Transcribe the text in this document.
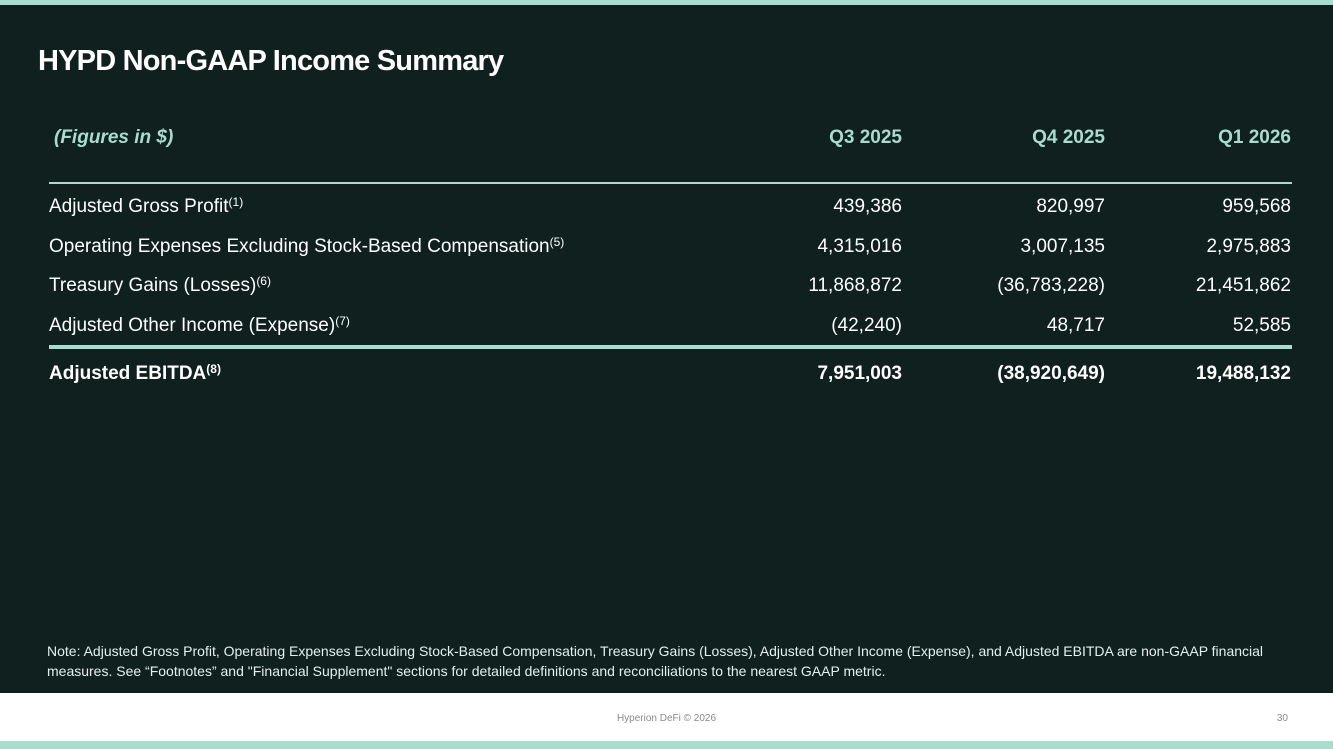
HYPD Non-GAAP Income Summary
(Figures in $)	Q3 2025	Q4 2025	Q1 2026
Adjusted Gross Profit$^{(1)}$	439,386	820,997	959,568
Operating Expenses Excluding Stock-Based Compensation$^{(5)}$	4,315,016	3,007,135	2,975,883
Treasury Gains (Losses)$^{(6)}$	11,868,872	(36,783,228)	21,451,862
Adjusted Other Income (Expense)$^{(7)}$	(42,240)	48,717	52,585
Adjusted EBITDA$^{(8)}$	7,951,003	(38,920,649)	19,488,132

Note: Adjusted Gross Profit, Operating Expenses Excluding Stock-Based Compensation, Treasury Gains (Losses), Adjusted Other Income (Expense), and Adjusted EBITDA are non-GAAP financial measures. See “Footnotes” and "Financial Supplement" sections for detailed definitions and reconciliations to the nearest GAAP metric.

Hyperion DeFi © 2026	30
